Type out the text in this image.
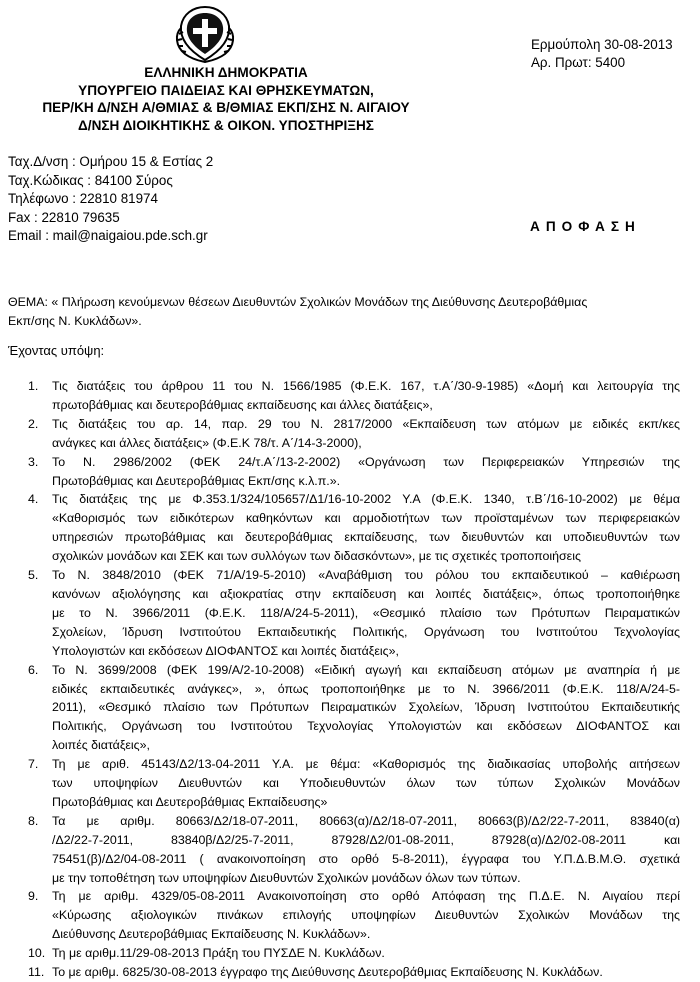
ΕΛΛΗΝΙΚΗ ΔΗΜΟΚΡΑΤΙΑ
ΥΠΟΥΡΓΕΙΟ ΠΑΙΔΕΙΑΣ ΚΑΙ ΘΡΗΣΚΕΥΜΑΤΩΝ,
ΠΕΡ/ΚΗ Δ/ΝΣΗ Α/ΘΜΙΑΣ & Β/ΘΜΙΑΣ ΕΚΠ/ΣΗΣ Ν. ΑΙΓΑΙΟΥ
Δ/ΝΣΗ ΔΙΟΙΚΗΤΙΚΗΣ & ΟΙΚΟΝ. ΥΠΟΣΤΗΡΙΞΗΣ
Ερμούπολη 30-08-2013
Αρ. Πρωτ: 5400
Ταχ.Δ/νση : Ομήρου 15 & Εστίας 2
Ταχ.Κώδικας : 84100 Σύρος
Τηλέφωνο : 22810 81974
Fax : 22810 79635
Email : mail@naigaiou.pde.sch.gr
ΑΠΟΦΑΣΗ
ΘΕΜΑ: « Πλήρωση κενούμενων θέσεων Διευθυντών Σχολικών Μονάδων της Διεύθυνσης Δευτεροβάθμιας
Εκπ/σης Ν. Κυκλάδων».
Έχοντας υπόψη:
1.	Τις διατάξεις του άρθρου 11 του Ν. 1566/1985 (Φ.Ε.Κ. 167, τ.Α΄/30-9-1985) «Δομή και λειτουργία της
πρωτοβάθμιας και δευτεροβάθμιας εκπαίδευσης και άλλες διατάξεις»,
2.	Τις διατάξεις του αρ. 14, παρ. 29 του Ν. 2817/2000 «Εκπαίδευση των ατόμων με ειδικές εκπ/κες
ανάγκες και άλλες διατάξεις» (Φ.Ε.Κ 78/τ. Α΄/14-3-2000),
3.	Το Ν. 2986/2002 (ΦΕΚ 24/τ.Α΄/13-2-2002) «Οργάνωση των Περιφερειακών Υπηρεσιών της
Πρωτοβάθμιας και Δευτεροβάθμιας Εκπ/σης κ.λ.π.».
4.	Τις διατάξεις της με Φ.353.1/324/105657/Δ1/16-10-2002 Υ.Α (Φ.Ε.Κ. 1340, τ.Β΄/16-10-2002) με θέμα
«Καθορισμός των ειδικότερων καθηκόντων και αρμοδιοτήτων των προϊσταμένων των περιφερειακών
υπηρεσιών πρωτοβάθμιας και δευτεροβάθμιας εκπαίδευσης, των διευθυντών και υποδιευθυντών των
σχολικών μονάδων και ΣΕΚ και των συλλόγων των διδασκόντων», με τις σχετικές τροποποιήσεις
5.	Το Ν. 3848/2010 (ΦΕΚ 71/Α/19-5-2010) «Αναβάθμιση του ρόλου του εκπαιδευτικού – καθιέρωση
κανόνων αξιολόγησης και αξιοκρατίας στην εκπαίδευση και λοιπές διατάξεις», όπως τροποποιήθηκε
με το Ν. 3966/2011 (Φ.Ε.Κ. 118/Α/24-5-2011), «Θεσμικό πλαίσιο των Πρότυπων Πειραματικών
Σχολείων, Ίδρυση Ινστιτούτου Εκπαιδευτικής Πολιτικής, Οργάνωση του Ινστιτούτου Τεχνολογίας
Υπολογιστών και εκδόσεων ΔΙΟΦΑΝΤΟΣ και λοιπές διατάξεις»,
6.	Το Ν. 3699/2008 (ΦΕΚ 199/Α/2-10-2008) «Ειδική αγωγή και εκπαίδευση ατόμων με αναπηρία ή με
ειδικές εκπαιδευτικές ανάγκες», », όπως τροποποιήθηκε με το Ν. 3966/2011 (Φ.Ε.Κ. 118/Α/24-5-
2011), «Θεσμικό πλαίσιο των Πρότυπων Πειραματικών Σχολείων, Ίδρυση Ινστιτούτου Εκπαιδευτικής
Πολιτικής, Οργάνωση του Ινστιτούτου Τεχνολογίας Υπολογιστών και εκδόσεων ΔΙΟΦΑΝΤΟΣ και
λοιπές διατάξεις»,
7.	Τη με αριθ. 45143/Δ2/13-04-2011 Υ.Α. με θέμα: «Καθορισμός της διαδικασίας υποβολής αιτήσεων
των υποψηφίων Διευθυντών και Υποδιευθυντών όλων των τύπων Σχολικών Μονάδων
Πρωτοβάθμιας και Δευτεροβάθμιας Εκπαίδευσης»
8.	Τα με αριθμ. 80663/Δ2/18-07-2011, 80663(α)/Δ2/18-07-2011, 80663(β)/Δ2/22-7-2011, 83840(α)
/Δ2/22-7-2011, 83840β/Δ2/25-7-2011, 87928/Δ2/01-08-2011, 87928(α)/Δ2/02-08-2011 και
75451(β)/Δ2/04-08-2011 ( ανακοινοποίηση στο ορθό 5-8-2011), έγγραφα του Υ.Π.Δ.Β.Μ.Θ. σχετικά
με την τοποθέτηση των υποψηφίων Διευθυντών Σχολικών μονάδων όλων των τύπων.
9.	Τη με αριθμ. 4329/05-08-2011 Ανακοινοποίηση στο ορθό Απόφαση της Π.Δ.Ε. Ν. Αιγαίου περί
«Κύρωσης αξιολογικών πινάκων επιλογής υποψηφίων Διευθυντών Σχολικών Μονάδων της
Διεύθυνσης Δευτεροβάθμιας Εκπαίδευσης Ν. Κυκλάδων».
10. Τη με αριθμ.11/29-08-2013 Πράξη του ΠΥΣΔΕ Ν. Κυκλάδων.
11. Το με αριθμ. 6825/30-08-2013 έγγραφο της Διεύθυνσης Δευτεροβάθμιας Εκπαίδευσης Ν. Κυκλάδων.
